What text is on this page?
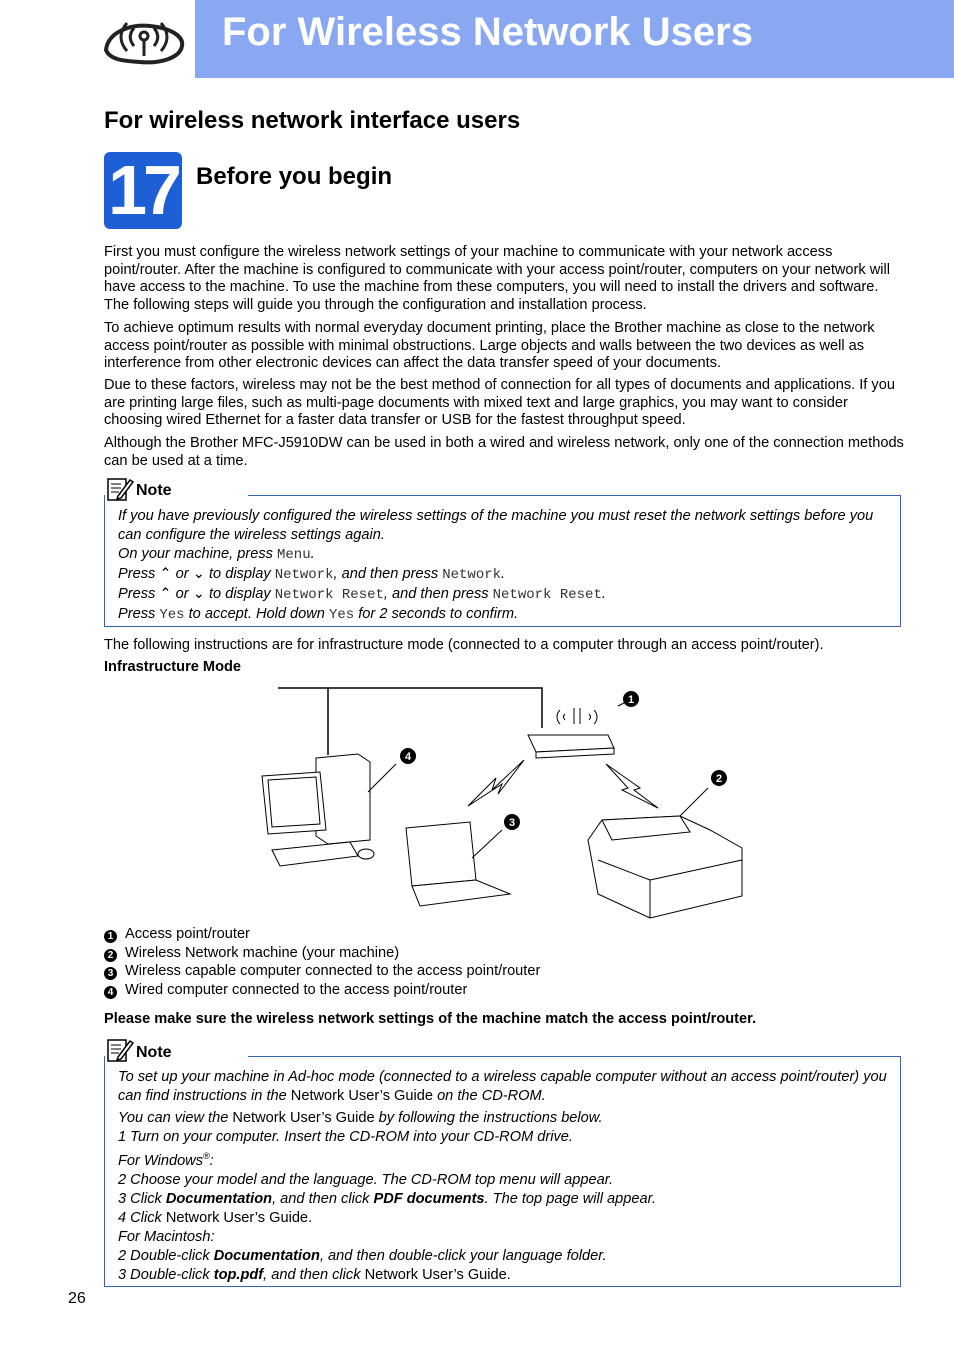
For Wireless Network Users
For wireless network interface users
17 Before you begin
First you must configure the wireless network settings of your machine to communicate with your network access point/router. After the machine is configured to communicate with your access point/router, computers on your network will have access to the machine. To use the machine from these computers, you will need to install the drivers and software. The following steps will guide you through the configuration and installation process.
To achieve optimum results with normal everyday document printing, place the Brother machine as close to the network access point/router as possible with minimal obstructions. Large objects and walls between the two devices as well as interference from other electronic devices can affect the data transfer speed of your documents.
Due to these factors, wireless may not be the best method of connection for all types of documents and applications. If you are printing large files, such as multi-page documents with mixed text and large graphics, you may want to consider choosing wired Ethernet for a faster data transfer or USB for the fastest throughput speed.
Although the Brother MFC-J5910DW can be used in both a wired and wireless network, only one of the connection methods can be used at a time.
Note
If you have previously configured the wireless settings of the machine you must reset the network settings before you can configure the wireless settings again.
On your machine, press Menu.
Press ⌃ or ⌄ to display Network, and then press Network.
Press ⌃ or ⌄ to display Network Reset, and then press Network Reset.
Press Yes to accept. Hold down Yes for 2 seconds to confirm.
The following instructions are for infrastructure mode (connected to a computer through an access point/router).
Infrastructure Mode
1
2
3
4
1 Access point/router
2 Wireless Network machine (your machine)
3 Wireless capable computer connected to the access point/router
4 Wired computer connected to the access point/router
Please make sure the wireless network settings of the machine match the access point/router.
Note
To set up your machine in Ad-hoc mode (connected to a wireless capable computer without an access point/router) you can find instructions in the Network User’s Guide on the CD-ROM.
You can view the Network User’s Guide by following the instructions below.
1 Turn on your computer. Insert the CD-ROM into your CD-ROM drive.
For Windows®:
2 Choose your model and the language. The CD-ROM top menu will appear.
3 Click Documentation, and then click PDF documents. The top page will appear.
4 Click Network User’s Guide.
For Macintosh:
2 Double-click Documentation, and then double-click your language folder.
3 Double-click top.pdf, and then click Network User’s Guide.
26
